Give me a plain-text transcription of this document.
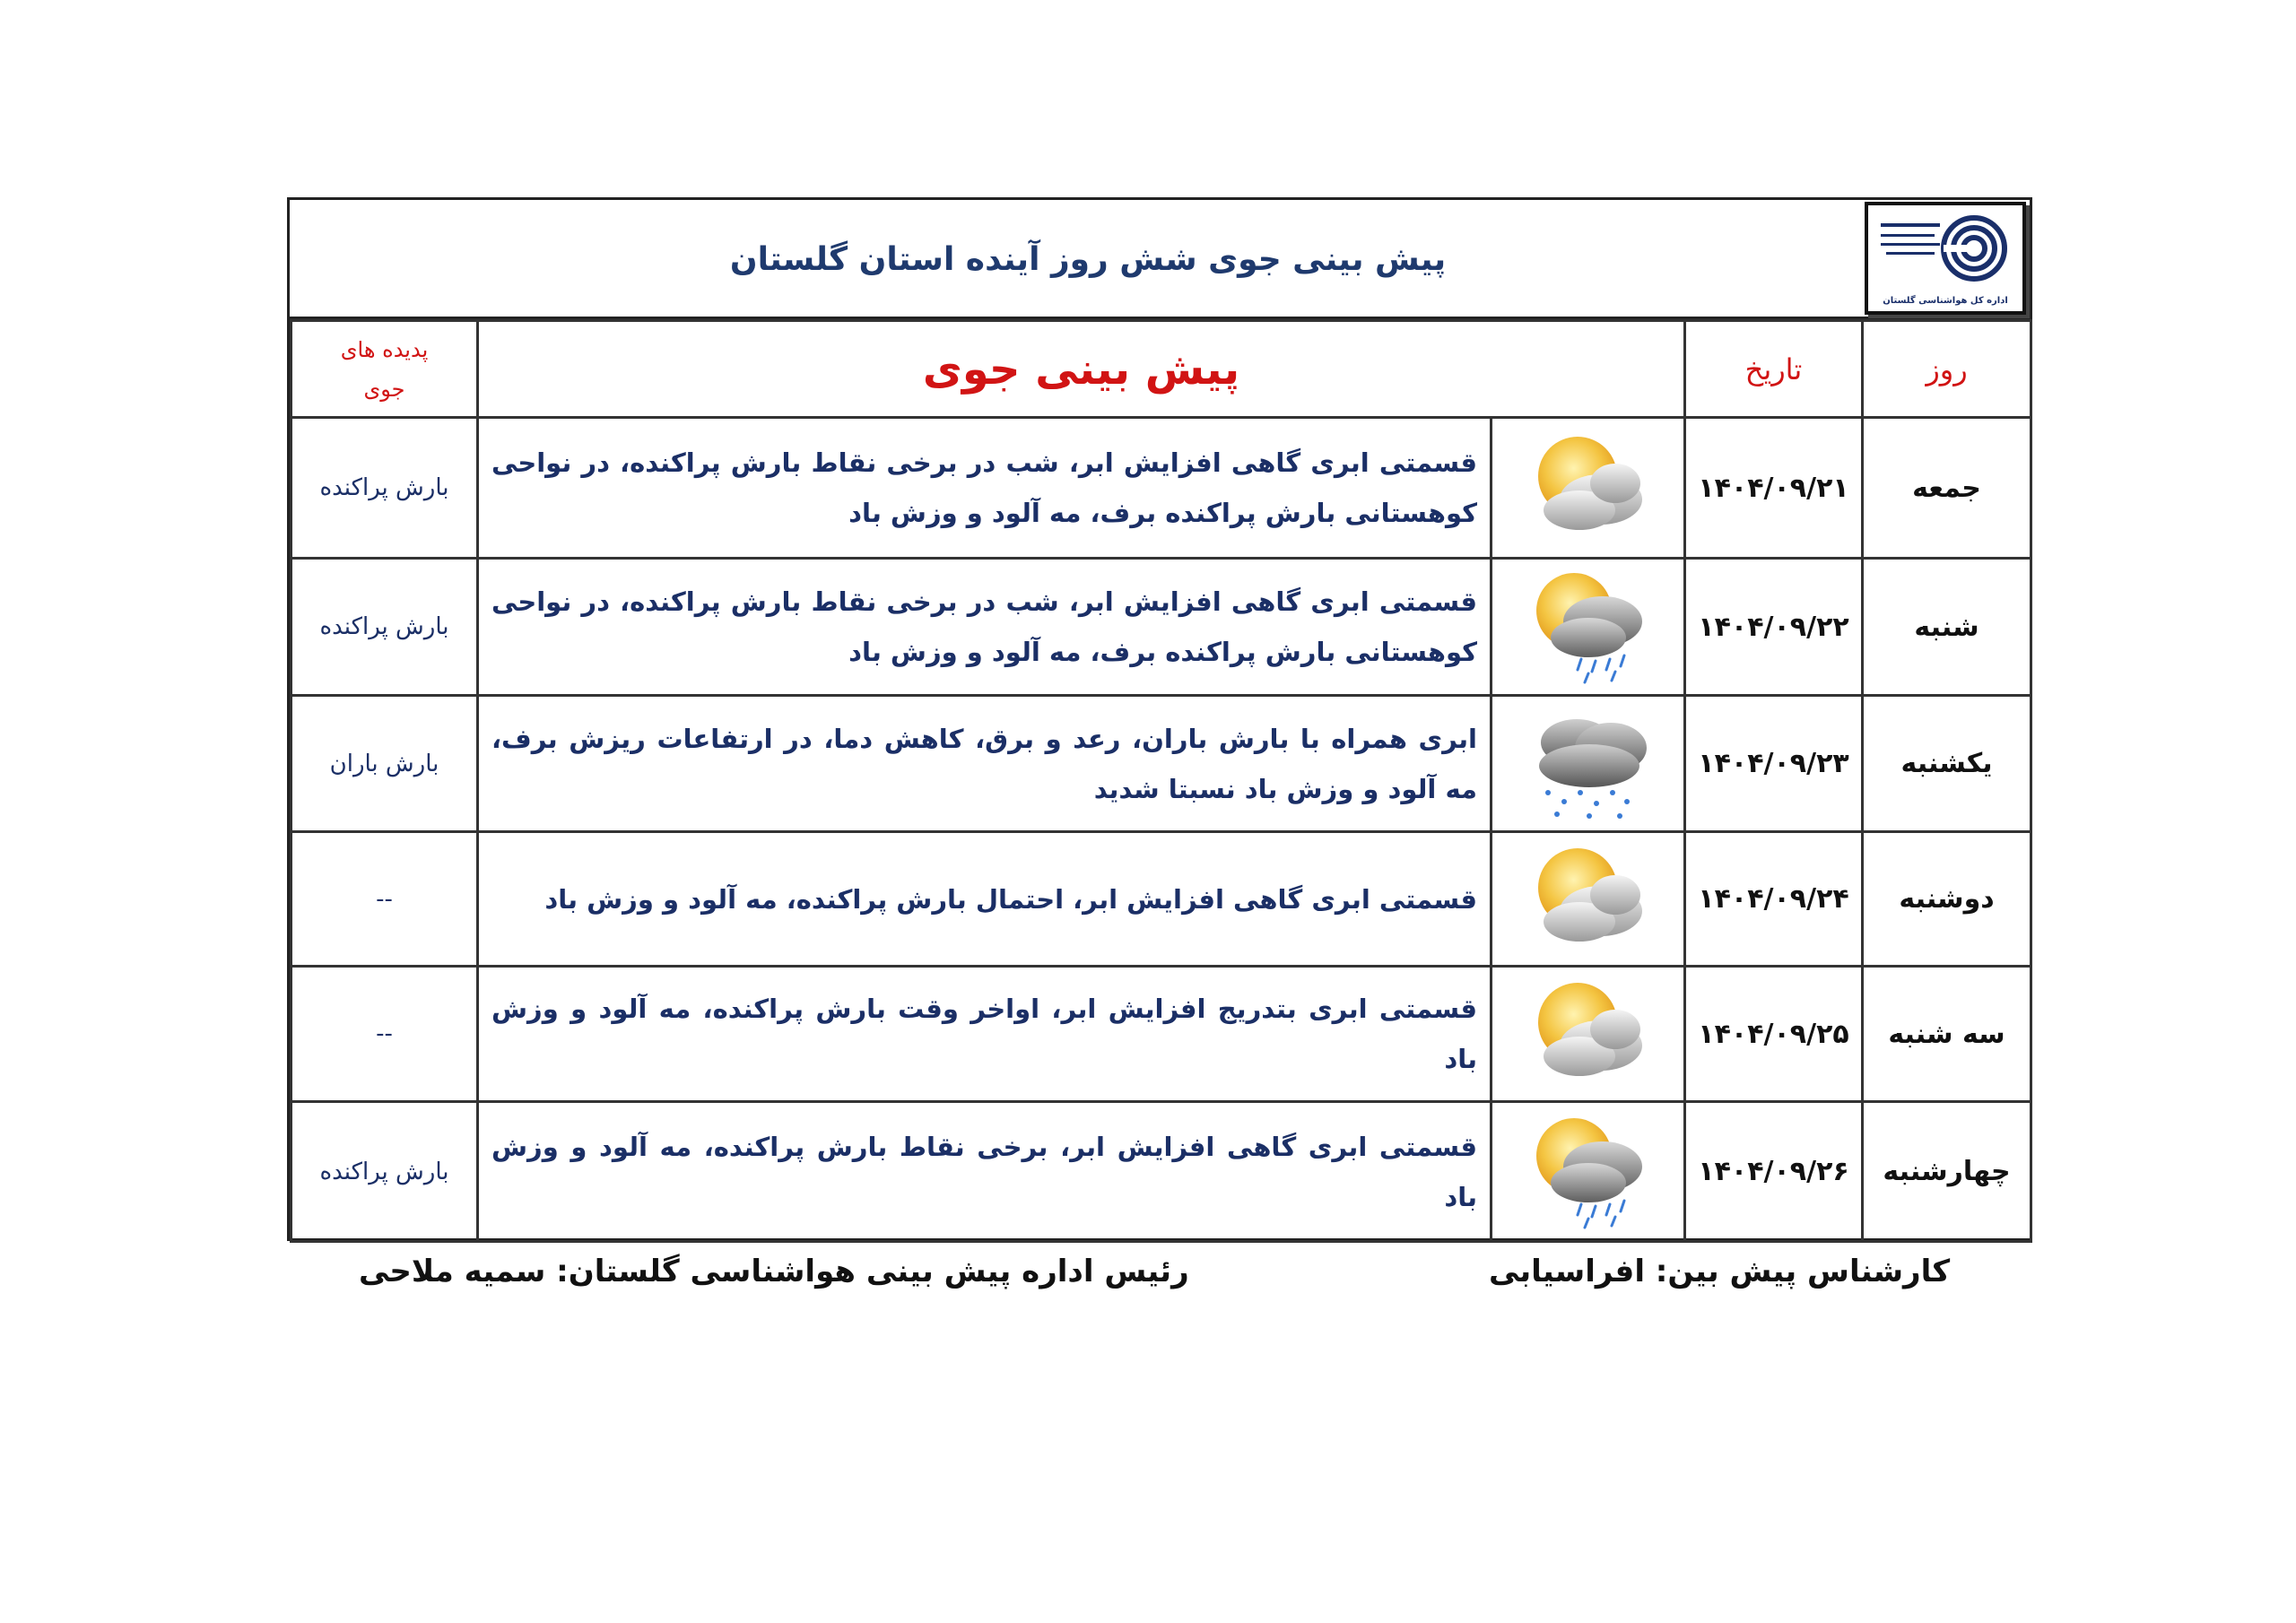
پیش بینی جوی شش روز آینده استان گلستان
اداره کل هواشناسی گلستان
روز	تاریخ	پیش بینی جوی		پدیده های
جوی

جمعه	۱۴۰۴/۰۹/۲۱		قسمتی ابری گاهی افزایش ابر، شب در برخی نقاط بارش پراکنده، در نواحی کوهستانی بارش پراکنده برف، مه آلود و وزش باد	بارش پراکنده
شنبه	۱۴۰۴/۰۹/۲۲		قسمتی ابری گاهی افزایش ابر، شب در برخی نقاط بارش پراکنده، در نواحی کوهستانی بارش پراکنده برف، مه آلود و وزش باد	بارش پراکنده
یکشنبه	۱۴۰۴/۰۹/۲۳		ابری همراه با بارش باران، رعد و برق، کاهش دما، در ارتفاعات ریزش برف، مه آلود و وزش باد نسبتا شدید	بارش باران
دوشنبه	۱۴۰۴/۰۹/۲۴		قسمتی ابری گاهی افزایش ابر، احتمال بارش پراکنده، مه آلود و وزش باد	--
سه شنبه	۱۴۰۴/۰۹/۲۵		قسمتی ابری بتدریج افزایش ابر، اواخر وقت بارش پراکنده، مه آلود و وزش باد	--
چهارشنبه	۱۴۰۴/۰۹/۲۶		قسمتی ابری گاهی افزایش ابر، برخی نقاط بارش پراکنده، مه آلود و وزش باد	بارش پراکنده
کارشناس پیش بین: افراسیابی
رئیس اداره پیش بینی هواشناسی گلستان: سمیه ملاحی
